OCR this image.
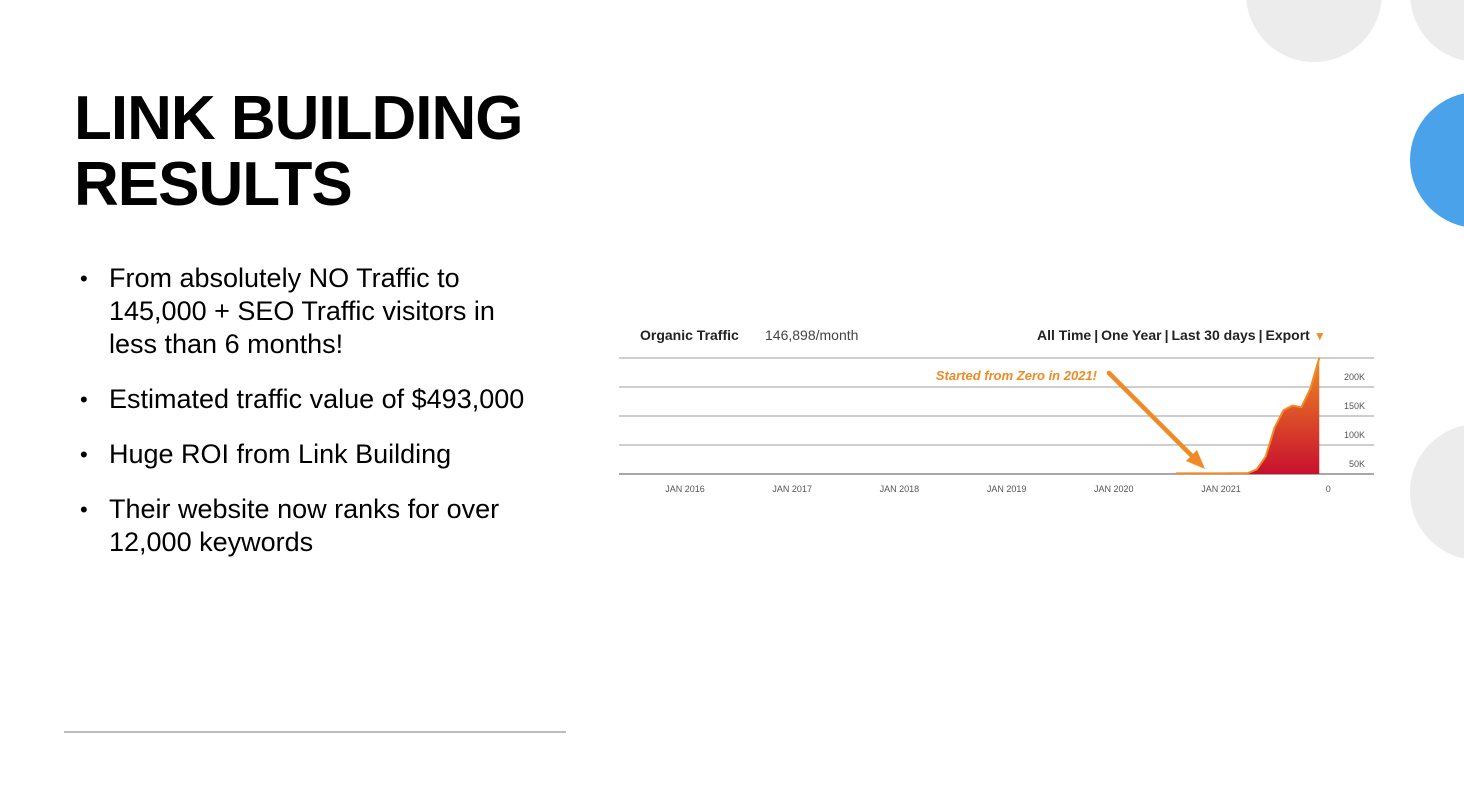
LINK BUILDING
RESULTS
• From absolutely NO Traffic to 145,000 + SEO Traffic visitors in less than 6 months!
• Estimated traffic value of $493,000
• Huge ROI from Link Building
• Their website now ranks for over 12,000 keywords
Organic Traffic 146,898/month	All Time | One Year | Last 30 days | Export ▼
200K
150K
100K
50K
JAN 2016	JAN 2017	JAN 2018	JAN 2019	JAN 2020	JAN 2021	0
Started from Zero in 2021!
